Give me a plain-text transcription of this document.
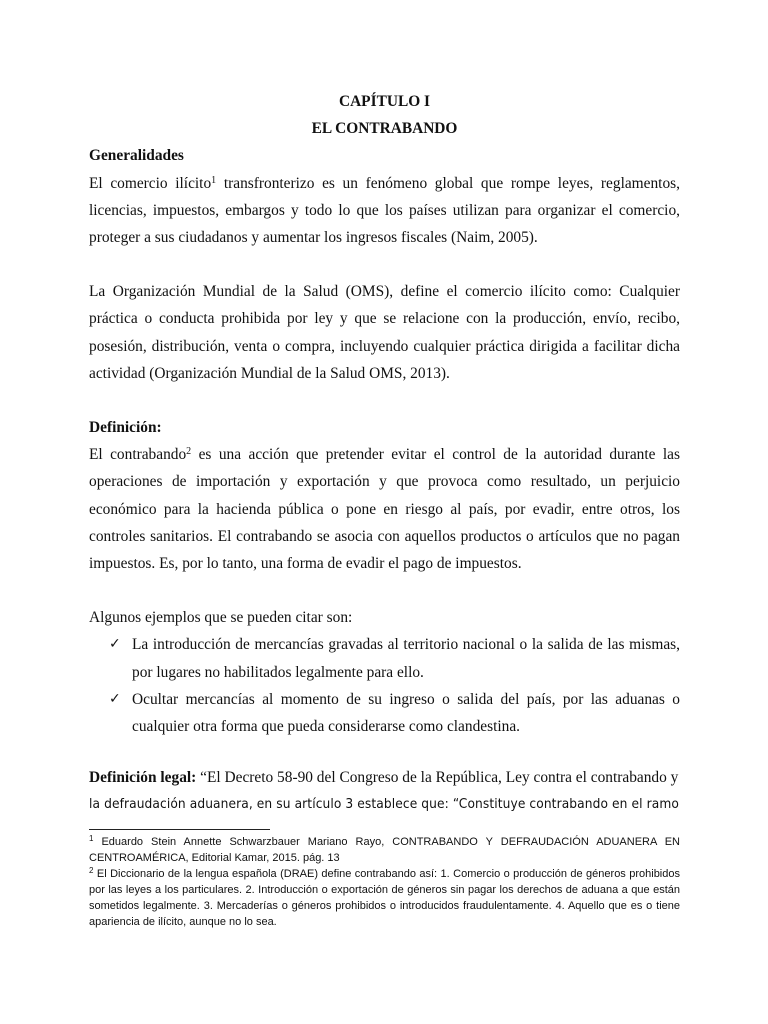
CAPÍTULO I
EL CONTRABANDO
Generalidades

El comercio ilícito$^1$ transfronterizo es un fenómeno global que rompe leyes, reglamentos, licencias, impuestos, embargos y todo lo que los países utilizan para organizar el comercio, proteger a sus ciudadanos y aumentar los ingresos fiscales (Naim, 2005).

La Organización Mundial de la Salud (OMS), define el comercio ilícito como: Cualquier práctica o conducta prohibida por ley y que se relacione con la producción, envío, recibo, posesión, distribución, venta o compra, incluyendo cualquier práctica dirigida a facilitar dicha actividad (Organización Mundial de la Salud OMS, 2013).

Definición:

El contrabando$^2$ es una acción que pretender evitar el control de la autoridad durante las operaciones de importación y exportación y que provoca como resultado, un perjuicio económico para la hacienda pública o pone en riesgo al país, por evadir, entre otros, los controles sanitarios. El contrabando se asocia con aquellos productos o artículos que no pagan impuestos. Es, por lo tanto, una forma de evadir el pago de impuestos.

Algunos ejemplos que se pueden citar son:

✓ La introducción de mercancías gravadas al territorio nacional o la salida de las mismas, por lugares no habilitados legalmente para ello.
✓ Ocultar mercancías al momento de su ingreso o salida del país, por las aduanas o cualquier otra forma que pueda considerarse como clandestina.

Definición legal: “El Decreto 58-90 del Congreso de la República, Ley contra el contrabando y

la defraudación aduanera, en su artículo 3 establece que: “Constituye contrabando en el ramo

$^1$ Eduardo Stein Annette Schwarzbauer Mariano Rayo, CONTRABANDO Y DEFRAUDACIÓN ADUANERA EN CENTROAMÉRICA, Editorial Kamar, 2015. pág. 13

$^2$ El Diccionario de la lengua española (DRAE) define contrabando así: 1. Comercio o producción de géneros prohibidos por las leyes a los particulares. 2. Introducción o exportación de géneros sin pagar los derechos de aduana a que están sometidos legalmente. 3. Mercaderías o géneros prohibidos o introducidos fraudulentamente. 4. Aquello que es o tiene apariencia de ilícito, aunque no lo sea.
